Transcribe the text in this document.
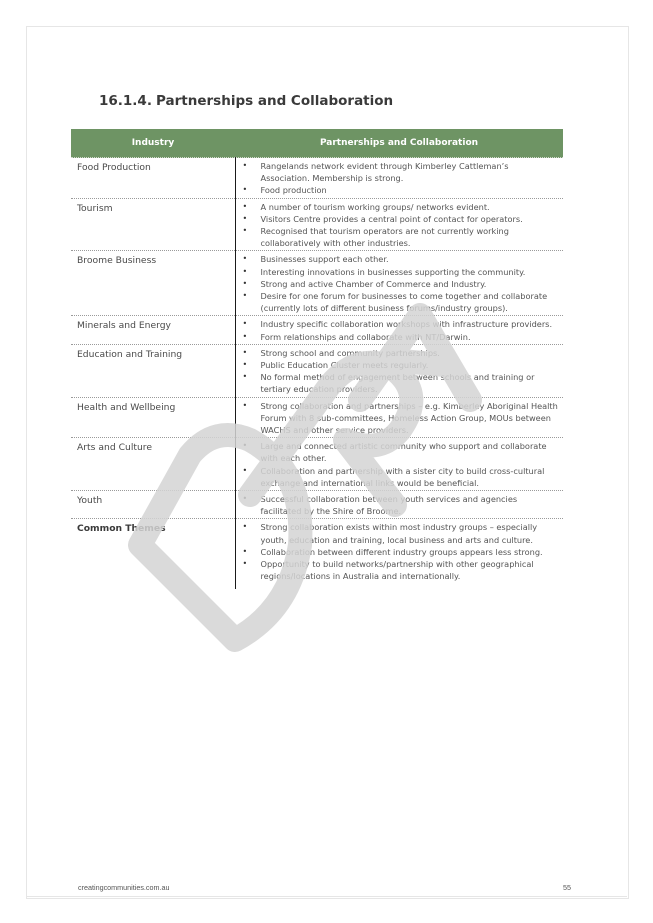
16.1.4. Partnerships and Collaboration
Industry	Partnerships and Collaboration
Food Production	
•Rangelands network evident through Kimberley Cattleman’s Association. Membership is strong.
• Food production

Tourism	
•A number of tourism working groups/ networks evident.
• Visitors Centre provides a central point of contact for operators.
• Recognised that tourism operators are not currently working collaboratively with other industries.

Broome Business	
•Businesses support each other.
• Interesting innovations in businesses supporting the community.
• Strong and active Chamber of Commerce and Industry.
• Desire for one forum for businesses to come together and collaborate (currently lots of different business forums/industry groups).

Minerals and Energy	
•Industry specific collaboration workshops with infrastructure providers.
• Form relationships and collaborate with NT/Darwin.

Education and Training	
•Strong school and community partnerships.
• Public Education Cluster meets regularly.
• No formal method of engagement between schools and training or tertiary education providers.

Health and Wellbeing	
•Strong collaboration and partnerships – e.g. Kimberley Aboriginal Health Forum with 8 sub-committees, Homeless Action Group, MOUs between WACHS and other service providers.

Arts and Culture	
•Large and connected artistic community who support and collaborate with each other.
• Collaboration and partnership with a sister city to build cross-cultural exchange and international links would be beneficial.

Youth	
•Successful collaboration between youth services and agencies facilitated by the Shire of Broome.

Common Themes	
•Strong collaboration exists within most industry groups – especially youth, education and training, local business and arts and culture.
• Collaboration between different industry groups appears less strong.
• Opportunity to build networks/partnership with other geographical regions/locations in Australia and internationally.
creatingcommunities.com.au	55
